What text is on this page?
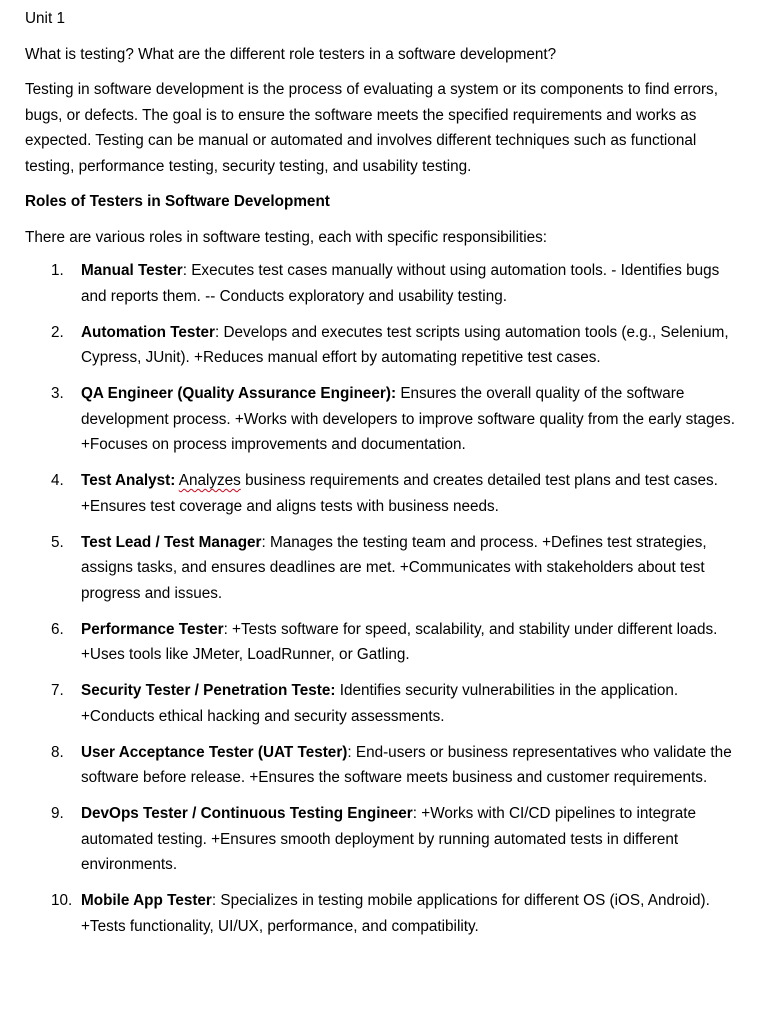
Unit 1

What is testing? What are the different role testers in a software development?

Testing in software development is the process of evaluating a system or its components to find errors, bugs, or defects. The goal is to ensure the software meets the specified requirements and works as expected. Testing can be manual or automated and involves different techniques such as functional testing, performance testing, security testing, and usability testing.

Roles of Testers in Software Development

There are various roles in software testing, each with specific responsibilities:

1.	Manual Tester: Executes test cases manually without using automation tools. - Identifies bugs and reports them. -- Conducts exploratory and usability testing.
2.	Automation Tester: Develops and executes test scripts using automation tools (e.g., Selenium, Cypress, JUnit). +Reduces manual effort by automating repetitive test cases.
3.	QA Engineer (Quality Assurance Engineer): Ensures the overall quality of the software development process. +Works with developers to improve software quality from the early stages. +Focuses on process improvements and documentation.
4.	Test Analyst: Analyzes business requirements and creates detailed test plans and test cases. +Ensures test coverage and aligns tests with business needs.
5.	Test Lead / Test Manager: Manages the testing team and process. +Defines test strategies, assigns tasks, and ensures deadlines are met. +Communicates with stakeholders about test progress and issues.
6.	Performance Tester: +Tests software for speed, scalability, and stability under different loads. +Uses tools like JMeter, LoadRunner, or Gatling.
7.	Security Tester / Penetration Teste: Identifies security vulnerabilities in the application. +Conducts ethical hacking and security assessments.
8.	User Acceptance Tester (UAT Tester): End-users or business representatives who validate the software before release. +Ensures the software meets business and customer requirements.
9.	DevOps Tester / Continuous Testing Engineer: +Works with CI/CD pipelines to integrate automated testing. +Ensures smooth deployment by running automated tests in different environments.
10. Mobile App Tester: Specializes in testing mobile applications for different OS (iOS, Android). +Tests functionality, UI/UX, performance, and compatibility.
